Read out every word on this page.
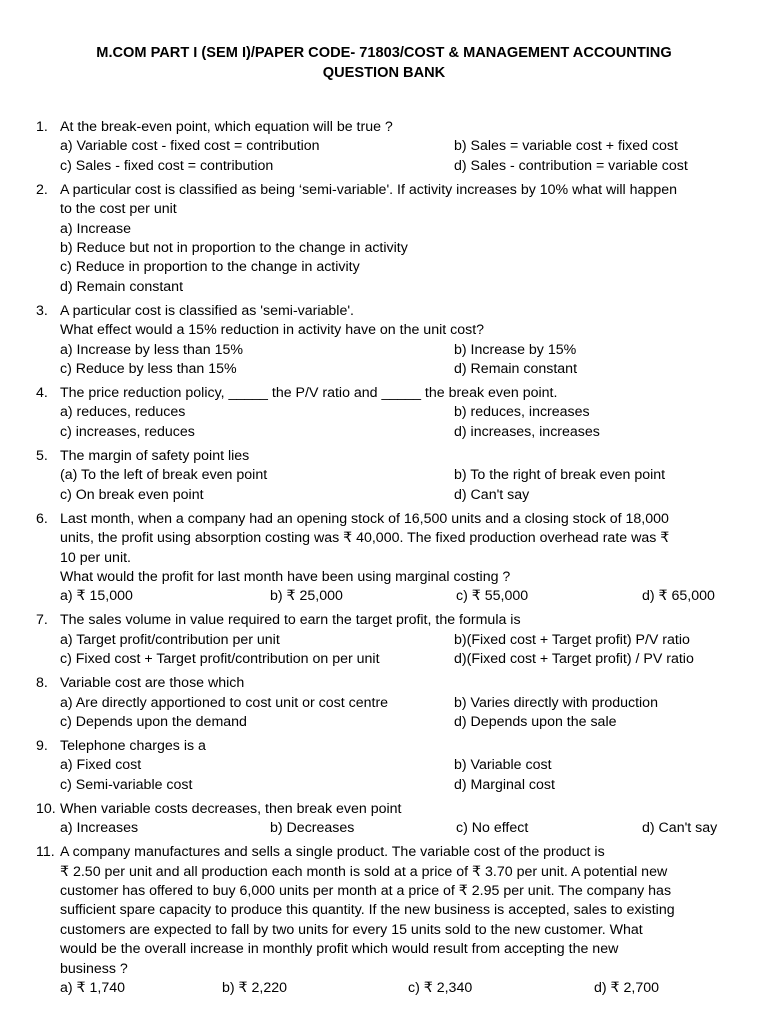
M.COM PART I (SEM I)/PAPER CODE- 71803/COST & MANAGEMENT ACCOUNTING
QUESTION BANK
1. At the break-even point, which equation will be true ?
a) Variable cost - fixed cost = contribution	b) Sales = variable cost + fixed cost
c) Sales - fixed cost = contribution	d) Sales - contribution = variable cost
2. A particular cost is classified as being ‘semi-variable'. If activity increases by 10% what will happen
to the cost per unit
a) Increase
b) Reduce but not in proportion to the change in activity
c) Reduce in proportion to the change in activity
d) Remain constant
3. A particular cost is classified as 'semi-variable'.
What effect would a 15% reduction in activity have on the unit cost?
a) Increase by less than 15%	b) Increase by 15%
c) Reduce by less than 15%	d) Remain constant
4. The price reduction policy, _____ the P/V ratio and _____ the break even point.
a) reduces, reduces	b) reduces, increases
c) increases, reduces	d) increases, increases
5. The margin of safety point lies
(a) To the left of break even point	b) To the right of break even point
c) On break even point	d) Can't say
6. Last month, when a company had an opening stock of 16,500 units and a closing stock of 18,000
units, the profit using absorption costing was ₹ 40,000. The fixed production overhead rate was ₹
10 per unit.
What would the profit for last month have been using marginal costing ?
a) ₹ 15,000	b) ₹ 25,000	c) ₹ 55,000	d) ₹ 65,000
7. The sales volume in value required to earn the target profit, the formula is
a) Target profit/contribution per unit	b)(Fixed cost + Target profit) P/V ratio
c) Fixed cost + Target profit/contribution on per unit	d)(Fixed cost + Target profit) / PV ratio
8. Variable cost are those which
a) Are directly apportioned to cost unit or cost centre	b) Varies directly with production
c) Depends upon the demand	d) Depends upon the sale
9. Telephone charges is a
a) Fixed cost	b) Variable cost
c) Semi-variable cost	d) Marginal cost
10. When variable costs decreases, then break even point
a) Increases	b) Decreases	c) No effect	d) Can't say
11. A company manufactures and sells a single product. The variable cost of the product is
₹ 2.50 per unit and all production each month is sold at a price of ₹ 3.70 per unit. A potential new
customer has offered to buy 6,000 units per month at a price of ₹ 2.95 per unit. The company has
sufficient spare capacity to produce this quantity. If the new business is accepted, sales to existing
customers are expected to fall by two units for every 15 units sold to the new customer. What
would be the overall increase in monthly profit which would result from accepting the new
business ?
a) ₹ 1,740	b) ₹ 2,220	c) ₹ 2,340	d) ₹ 2,700
